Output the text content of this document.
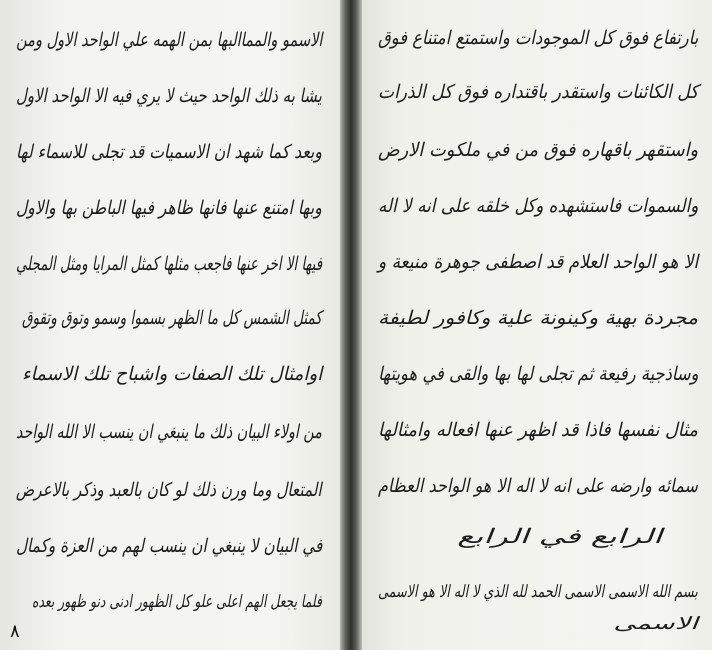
الاسمو والمماالبها بمن الهمه علي الواحد الاول ومن
يشا به ذلك الواحد حيث لا يري فيه الا الواحد الاول
وبعد كما شهد ان الاسميات قد تجلى للاسماء لها
وبها امتنع عنها فانها ظاهر فيها الباطن بها والاول
فيها الا اخر عنها فاجعب مثلها كمثل المرايا ومثل المجلي
كمثل الشمس كل ما الظهر بسموا وسمو وتوق وتقوق
اوامثال تلك الصفات واشباح تلك الاسماء
من اولاء البيان ذلك ما ينبغي ان ينسب الا الله الواحد
المتعال وما ورن ذلك لو كان بالعبد وذكر بالاعرض
في البيان لا ينبغي ان ينسب لهم من العزة وكمال
فلما يجعل الهم اعلى علو كل الظهور ادنى دنو ظهور بعده
٨
بارتفاع فوق كل الموجودات واستمتع امتناع فوق
كل الكائنات واستقدر باقتداره فوق كل الذرات
واستقهر باقهاره فوق من في ملكوت الارض
والسموات فاستشهده وكل خلقه على انه لا اله
الا هو الواحد العلام قد اصطفى جوهرة منيعة و
مجردة بهية وكينونة علية وكافور لطيفة
وساذجية رفيعة ثم تجلى لها بها والقى في هويتها
مثال نفسها فاذا قد اظهر عنها افعاله وامثالها
سمائه وارضه على انه لا اله الا هو الواحد العظام
الرابع في الرابع
بسم الله الاسمى الاسمى الحمد لله الذي لا اله الا هو الاسمى
الاسمى
